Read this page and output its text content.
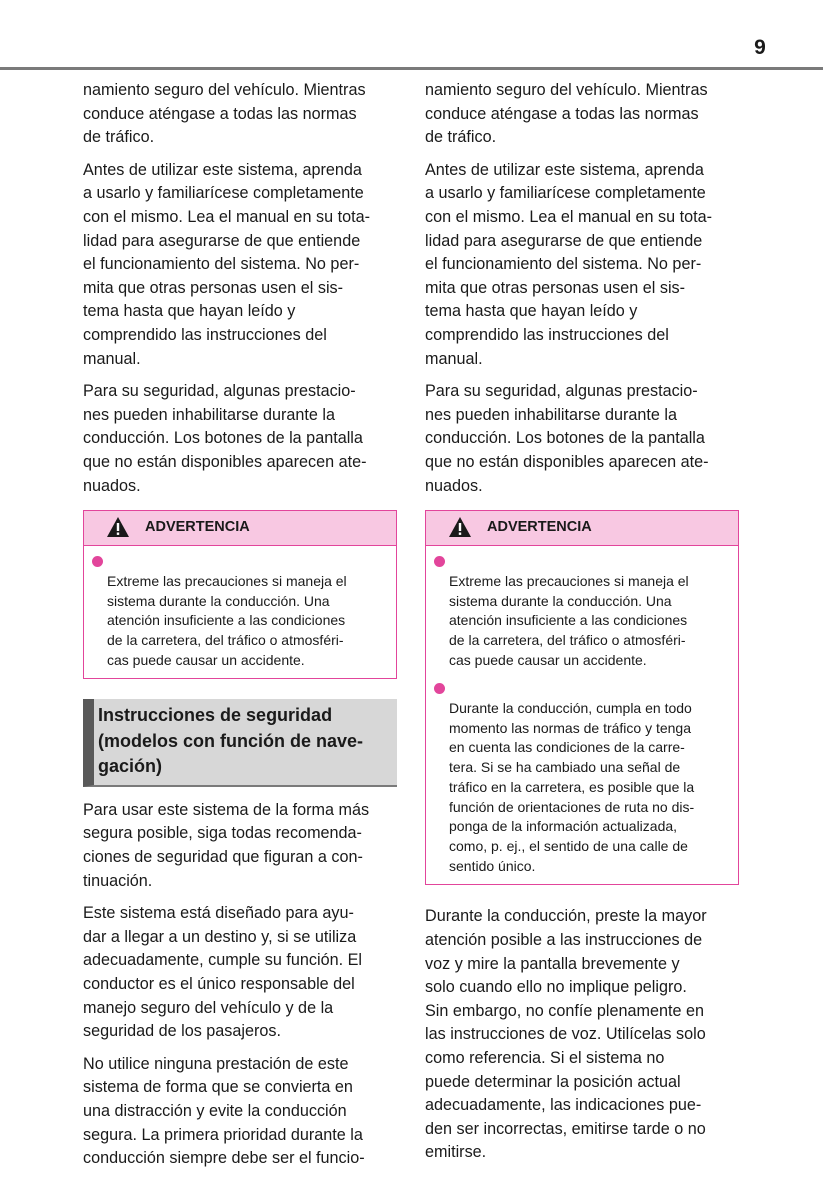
9

namiento seguro del vehículo. Mientras
conduce aténgase a todas las normas
de tráfico.

Antes de utilizar este sistema, aprenda
a usarlo y familiarícese completamente
con el mismo. Lea el manual en su tota-
lidad para asegurarse de que entiende
el funcionamiento del sistema. No per-
mita que otras personas usen el sis-
tema hasta que hayan leído y
comprendido las instrucciones del
manual.

Para su seguridad, algunas prestacio-
nes pueden inhabilitarse durante la
conducción. Los botones de la pantalla
que no están disponibles aparecen ate-
nuados.

ADVERTENCIA

Extreme las precauciones si maneja el
sistema durante la conducción. Una
atención insuficiente a las condiciones
de la carretera, del tráfico o atmosféri-
cas puede causar un accidente.

Instrucciones de seguridad
(modelos con función de nave-
gación)

Para usar este sistema de la forma más
segura posible, siga todas recomenda-
ciones de seguridad que figuran a con-
tinuación.

Este sistema está diseñado para ayu-
dar a llegar a un destino y, si se utiliza
adecuadamente, cumple su función. El
conductor es el único responsable del
manejo seguro del vehículo y de la
seguridad de los pasajeros.

No utilice ninguna prestación de este
sistema de forma que se convierta en
una distracción y evite la conducción
segura. La primera prioridad durante la
conducción siempre debe ser el funcio-

namiento seguro del vehículo. Mientras
conduce aténgase a todas las normas
de tráfico.

Antes de utilizar este sistema, aprenda
a usarlo y familiarícese completamente
con el mismo. Lea el manual en su tota-
lidad para asegurarse de que entiende
el funcionamiento del sistema. No per-
mita que otras personas usen el sis-
tema hasta que hayan leído y
comprendido las instrucciones del
manual.

Para su seguridad, algunas prestacio-
nes pueden inhabilitarse durante la
conducción. Los botones de la pantalla
que no están disponibles aparecen ate-
nuados.

ADVERTENCIA

Extreme las precauciones si maneja el
sistema durante la conducción. Una
atención insuficiente a las condiciones
de la carretera, del tráfico o atmosféri-
cas puede causar un accidente.

Durante la conducción, cumpla en todo
momento las normas de tráfico y tenga
en cuenta las condiciones de la carre-
tera. Si se ha cambiado una señal de
tráfico en la carretera, es posible que la
función de orientaciones de ruta no dis-
ponga de la información actualizada,
como, p. ej., el sentido de una calle de
sentido único.

Durante la conducción, preste la mayor
atención posible a las instrucciones de
voz y mire la pantalla brevemente y
solo cuando ello no implique peligro.
Sin embargo, no confíe plenamente en
las instrucciones de voz. Utilícelas solo
como referencia. Si el sistema no
puede determinar la posición actual
adecuadamente, las indicaciones pue-
den ser incorrectas, emitirse tarde o no
emitirse.
